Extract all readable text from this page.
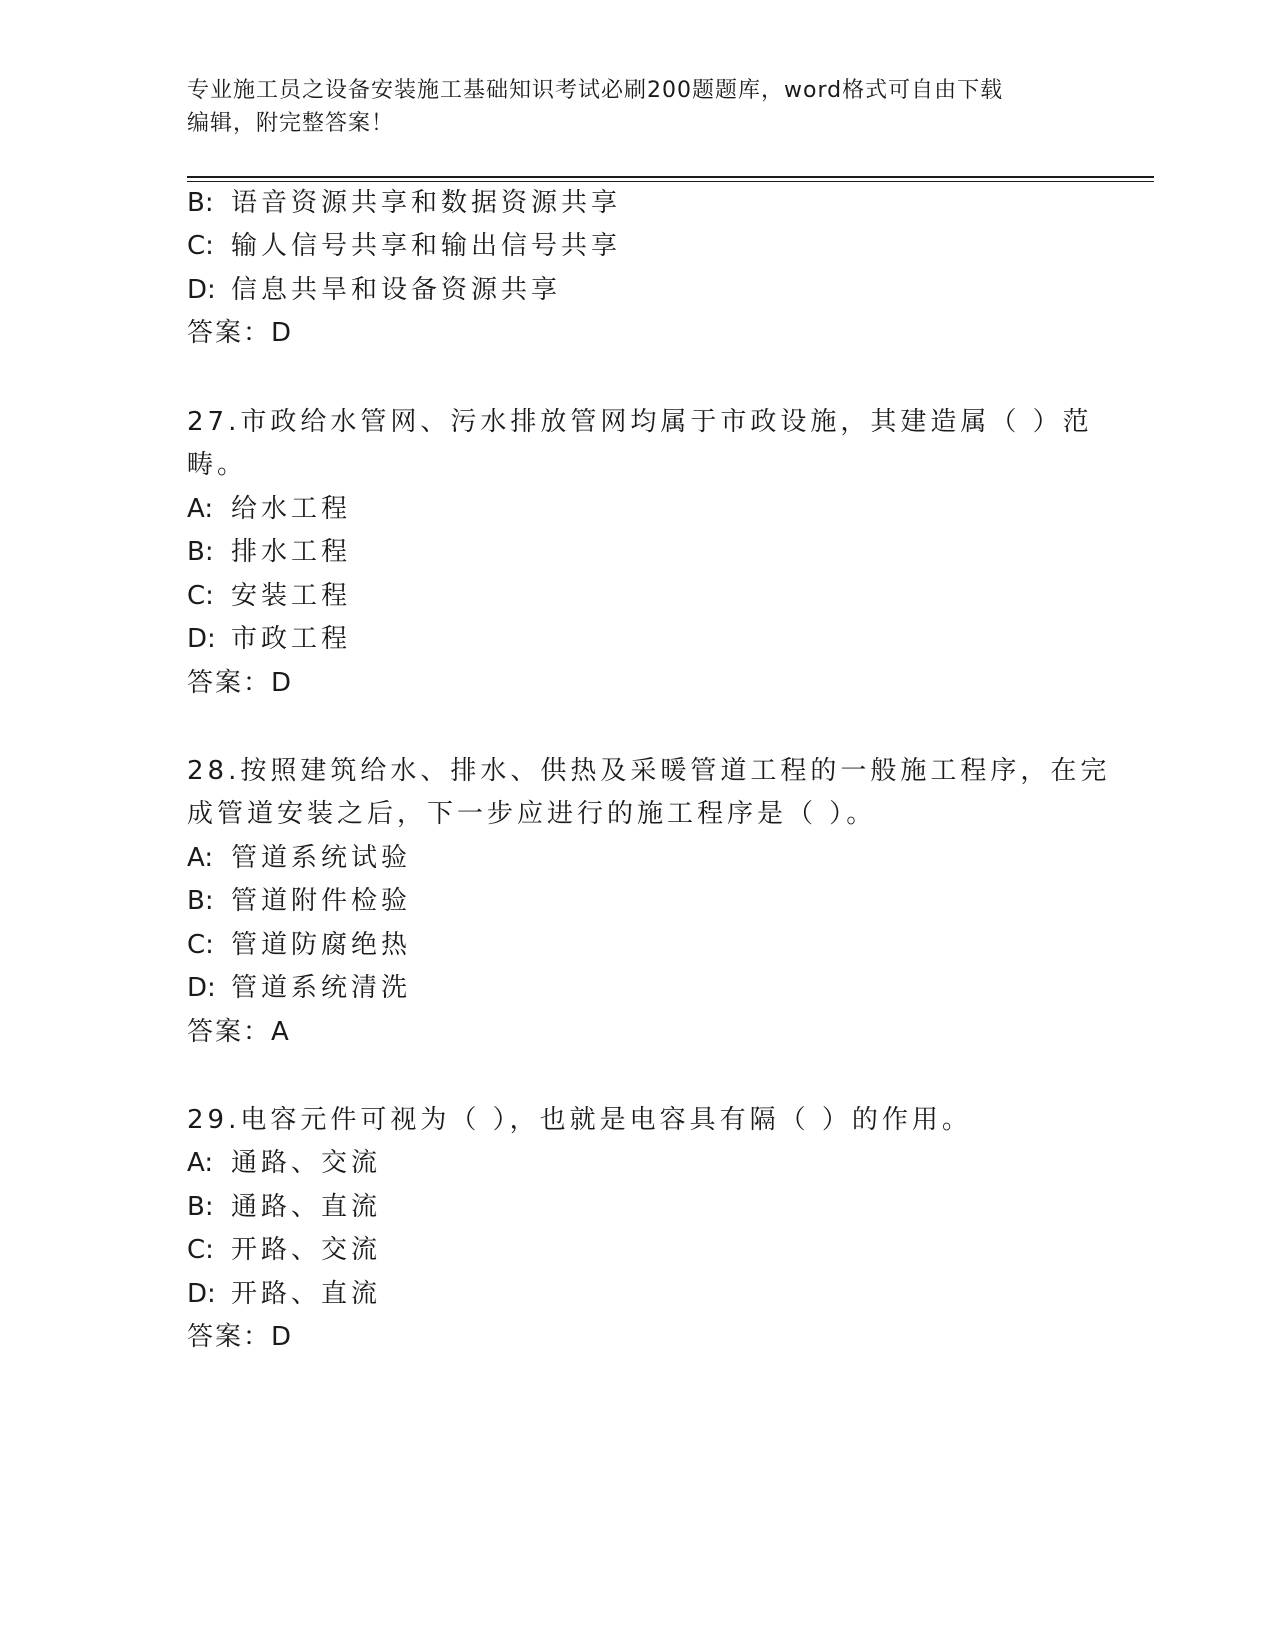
专业施工员之设备安装施工基础知识考试必刷200题题库，word格式可自由下载
编辑，附完整答案！
B: 语音资源共享和数据资源共享
C: 输人信号共享和输出信号共享
D: 信息共旱和设备资源共享
答案：D
27.市政给水管网、污水排放管网均属于市政设施，其建造属（ ）范
畴。
A: 给水工程
B: 排水工程
C: 安装工程
D: 市政工程
答案：D
28.按照建筑给水、排水、供热及采暖管道工程的一般施工程序，在完
成管道安装之后，下一步应进行的施工程序是（ ）。
A: 管道系统试验
B: 管道附件检验
C: 管道防腐绝热
D: 管道系统清洗
答案：A
29.电容元件可视为（ ），也就是电容具有隔（ ）的作用。
A: 通路、交流
B: 通路、直流
C: 开路、交流
D: 开路、直流
答案：D
